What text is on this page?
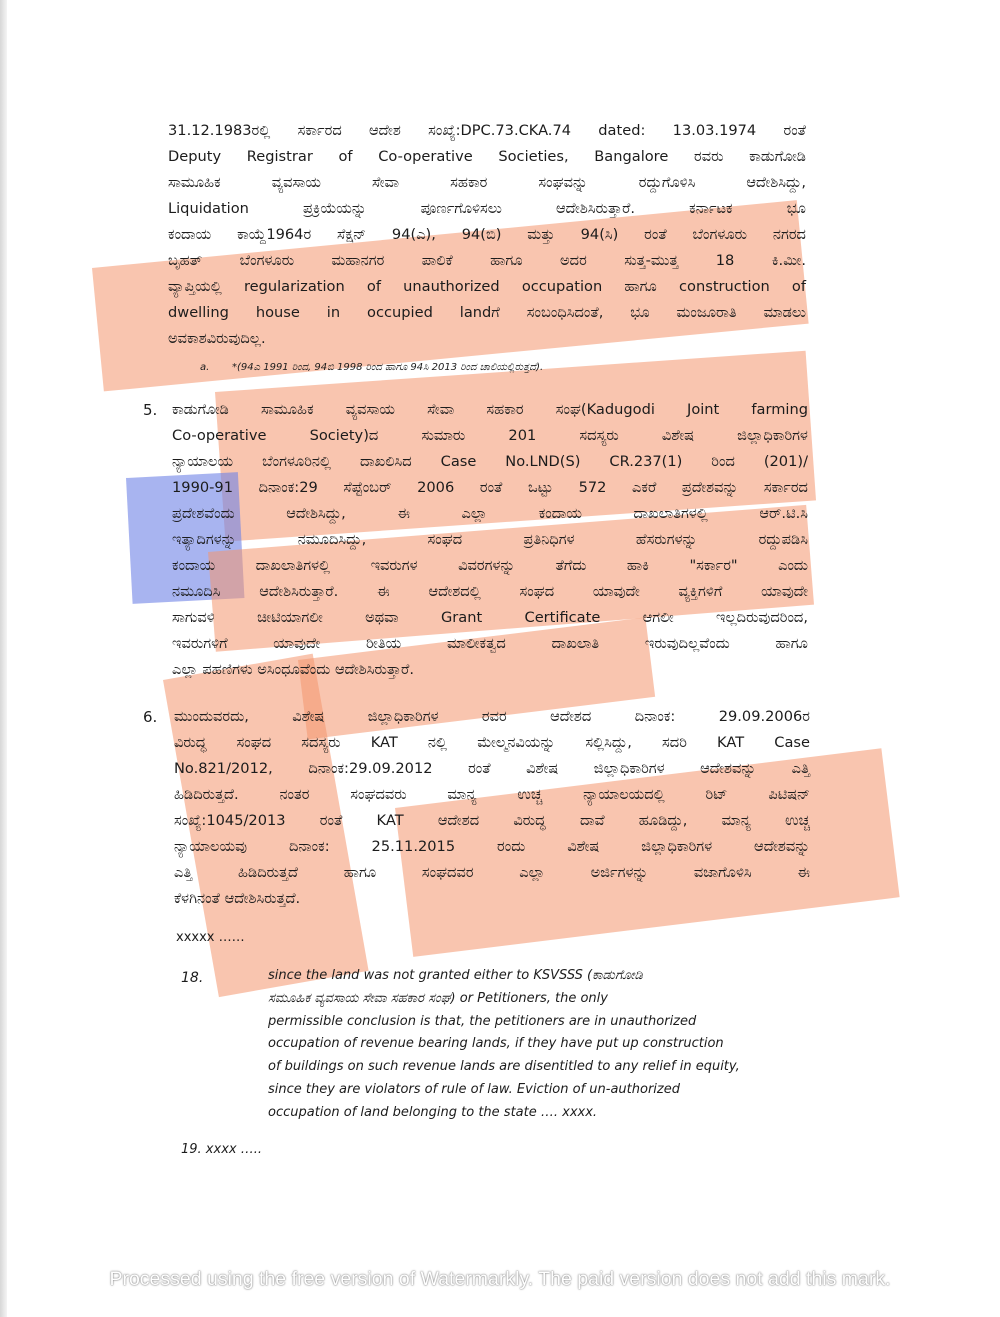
31.12.1983ರಲ್ಲಿ ಸರ್ಕಾರದ ಆದೇಶ ಸಂಖ್ಯೆ:DPC.73.CKA.74 dated: 13.03.1974 ರಂತೆ
Deputy Registrar of Co-operative Societies, Bangalore ರವರು ಕಾಡುಗೋಡಿ
ಸಾಮೂಹಿಕ ವ್ಯವಸಾಯ ಸೇವಾ ಸಹಕಾರ ಸಂಘವನ್ನು ರದ್ದುಗೊಳಿಸಿ ಆದೇಶಿಸಿದ್ದು,
Liquidation ಪ್ರಕ್ರಿಯೆಯನ್ನು ಪೂರ್ಣಗೊಳಿಸಲು ಆದೇಶಿಸಿರುತ್ತಾರೆ. ಕರ್ನಾಟಕ ಭೂ
ಕಂದಾಯ ಕಾಯ್ದೆ1964ರ ಸೆಕ್ಷನ್ 94(ಎ), 94(ಬಿ) ಮತ್ತು 94(ಸಿ) ರಂತೆ ಬೆಂಗಳೂರು ನಗರದ
ಬೃಹತ್ ಬೆಂಗಳೂರು ಮಹಾನಗರ ಪಾಲಿಕೆ ಹಾಗೂ ಅದರ ಸುತ್ತ-ಮುತ್ತ 18 ಕಿ.ಮೀ.
ವ್ಯಾಪ್ತಿಯಲ್ಲಿ regularization of unauthorized occupation ಹಾಗೂ construction of
dwelling house in occupied landಗೆ ಸಂಬಂಧಿಸಿದಂತೆ, ಭೂ ಮಂಜೂರಾತಿ ಮಾಡಲು
ಅವಕಾಶವಿರುವುದಿಲ್ಲ.
a. *(94ಎ 1991 ರಿಂದ, 94ಬಿ 1998 ರಿಂದ ಹಾಗೂ 94ಸಿ 2013 ರಿಂದ ಚಾಲಿಯಲ್ಲಿರುತ್ತದೆ).
5. ಕಾಡುಗೋಡಿ ಸಾಮೂಹಿಕ ವ್ಯವಸಾಯ ಸೇವಾ ಸಹಕಾರ ಸಂಘ(Kadugodi Joint farming
Co-operative Society)ದ ಸುಮಾರು 201 ಸದಸ್ಯರು ವಿಶೇಷ ಜಿಲ್ಲಾಧಿಕಾರಿಗಳ
ನ್ಯಾಯಾಲಯ ಬೆಂಗಳೂರಿನಲ್ಲಿ ದಾಖಲಿಸಿದ Case No.LND(S) CR.237(1) ರಿಂದ (201)/
1990-91 ದಿನಾಂಕ:29 ಸೆಪ್ಟೆಂಬರ್ 2006 ರಂತೆ ಒಟ್ಟು 572 ಎಕರೆ ಪ್ರದೇಶವನ್ನು ಸರ್ಕಾರದ
ಪ್ರದೇಶವೆಂದು ಆದೇಶಿಸಿದ್ದು, ಈ ಎಲ್ಲಾ ಕಂದಾಯ ದಾಖಲಾತಿಗಳಲ್ಲಿ ಆರ್.ಟಿ.ಸಿ
ಇತ್ಯಾದಿಗಳನ್ನು ನಮೂದಿಸಿದ್ದು, ಸಂಘದ ಪ್ರತಿನಿಧಿಗಳ ಹೆಸರುಗಳನ್ನು ರದ್ದುಪಡಿಸಿ
ಕಂದಾಯ ದಾಖಲಾತಿಗಳಲ್ಲಿ ಇವರುಗಳ ವಿವರಗಳನ್ನು ತೆಗೆದು ಹಾಕಿ "ಸರ್ಕಾರ" ಎಂದು
ನಮೂದಿಸಿ ಆದೇಶಿಸಿರುತ್ತಾರೆ. ಈ ಆದೇಶದಲ್ಲಿ ಸಂಘದ ಯಾವುದೇ ವ್ಯಕ್ತಿಗಳಿಗೆ ಯಾವುದೇ
ಸಾಗುವಳಿ ಚೀಟಿಯಾಗಲೀ ಅಥವಾ Grant Certificate ಆಗಲೀ ಇಲ್ಲದಿರುವುದರಿಂದ,
ಇವರುಗಳಿಗೆ ಯಾವುದೇ ರೀತಿಯ ಮಾಲೀಕತ್ವದ ದಾಖಲಾತಿ ಇರುವುದಿಲ್ಲವೆಂದು ಹಾಗೂ
ಎಲ್ಲಾ ಪಹಣಿಗಳು ಅಸಿಂಧೂವೆಂದು ಆದೇಶಿಸಿರುತ್ತಾರೆ.
6. ಮುಂದುವರದು, ವಿಶೇಷ ಜಿಲ್ಲಾಧಿಕಾರಿಗಳ ರವರ ಆದೇಶದ ದಿನಾಂಕ: 29.09.2006ರ
ವಿರುದ್ಧ ಸಂಘದ ಸದಸ್ಯರು KAT ನಲ್ಲಿ ಮೇಲ್ಮನವಿಯನ್ನು ಸಲ್ಲಿಸಿದ್ದು, ಸದರಿ KAT Case
No.821/2012, ದಿನಾಂಕ:29.09.2012 ರಂತೆ ವಿಶೇಷ ಜಿಲ್ಲಾಧಿಕಾರಿಗಳ ಆದೇಶವನ್ನು ಎತ್ತಿ
ಹಿಡಿದಿರುತ್ತದೆ. ನಂತರ ಸಂಘದವರು ಮಾನ್ಯ ಉಚ್ಚ ನ್ಯಾಯಾಲಯದಲ್ಲಿ ರಿಟ್ ಪಿಟಿಷನ್
ಸಂಖ್ಯೆ:1045/2013 ರಂತೆ KAT ಆದೇಶದ ವಿರುದ್ಧ ದಾವೆ ಹೂಡಿದ್ದು, ಮಾನ್ಯ ಉಚ್ಚ
ನ್ಯಾಯಾಲಯವು ದಿನಾಂಕ: 25.11.2015 ರಂದು ವಿಶೇಷ ಜಿಲ್ಲಾಧಿಕಾರಿಗಳ ಆದೇಶವನ್ನು
ಎತ್ತಿ ಹಿಡಿದಿರುತ್ತದೆ ಹಾಗೂ ಸಂಘದವರ ಎಲ್ಲಾ ಅರ್ಜಿಗಳನ್ನು ವಜಾಗೊಳಿಸಿ ಈ
ಕೆಳಗಿನಂತೆ ಆದೇಶಿಸಿರುತ್ತದೆ.
xxxxx ……
18.	since the land was not granted either to KSVSSS (ಕಾಡುಗೋಡಿ
ಸಮೂಹಿಕ ವ್ಯವಸಾಯ ಸೇವಾ ಸಹಕಾರ ಸಂಘ) or Petitioners, the only
permissible conclusion is that, the petitioners are in unauthorized
occupation of revenue bearing lands, if they have put up construction
of buildings on such revenue lands are disentitled to any relief in equity,
since they are violators of rule of law. Eviction of un-authorized
occupation of land belonging to the state …. xxxx.
19. xxxx …..
Processed using the free version of Watermarkly. The paid version does not add this mark.
